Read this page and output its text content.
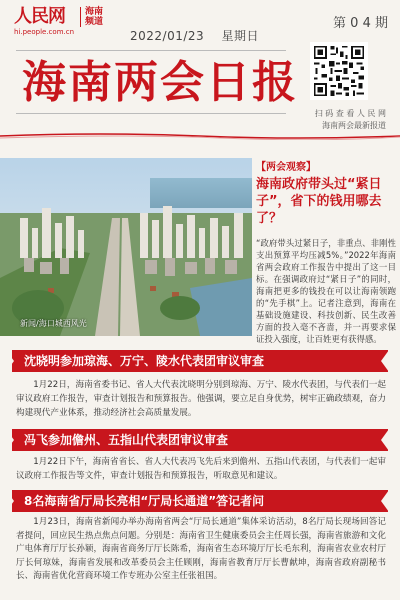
人民网	海南频道
hi.people.com.cn
第 0 4 期
2022/01/23 星期日
海南两会日报
扫 码 查 看 人 民 网
海南两会最新报道
新闻/海口城西风光
【两会观察】
海南政府带头过“紧日子”，省下的钱用哪去了？
“政府带头过紧日子，非重点、非刚性支出预算平均压减5%。”2022年海南省两会政府工作报告中提出了这一目标。在强调政府过“紧日子”的同时，海南把更多的钱投在可以让海南领跑的“先手棋”上。记者注意到，海南在基础设施建设、科技创新、民生改善方面的投入毫不吝啬，并一再要求保证投入强度，让百姓更有获得感。
沈晓明参加琼海、万宁、陵水代表团审议审查
1月22日，海南省委书记、省人大代表沈晓明分别到琼海、万宁、陵水代表团，与代表们一起审议政府工作报告，审查计划报告和预算报告。他强调，要立足自身优势，树牢正确政绩观，奋力构建现代产业体系，推动经济社会高质量发展。
冯飞参加儋州、五指山代表团审议审查
1月22日下午，海南省省长、省人大代表冯飞先后来到儋州、五指山代表团，与代表们一起审议政府工作报告等文件，审查计划报告和预算报告，听取意见和建议。
8名海南省厅局长亮相“厅局长通道”答记者问
1月23日，海南省新闻办举办海南省两会“厅局长通道”集体采访活动，8名厅局长现场回答记者提问，回应民生热点焦点问题。分别是：海南省卫生健康委员会主任周长强，海南省旅游和文化广电体育厅厅长孙颖，海南省商务厅厅长陈希，海南省生态环境厅厅长毛东利，海南省农业农村厅厅长何琼妹，海南省发展和改革委员会主任顾刚，海南省教育厅厅长曹献坤，海南省政府副秘书长、海南省优化营商环境工作专班办公室主任张祖国。
